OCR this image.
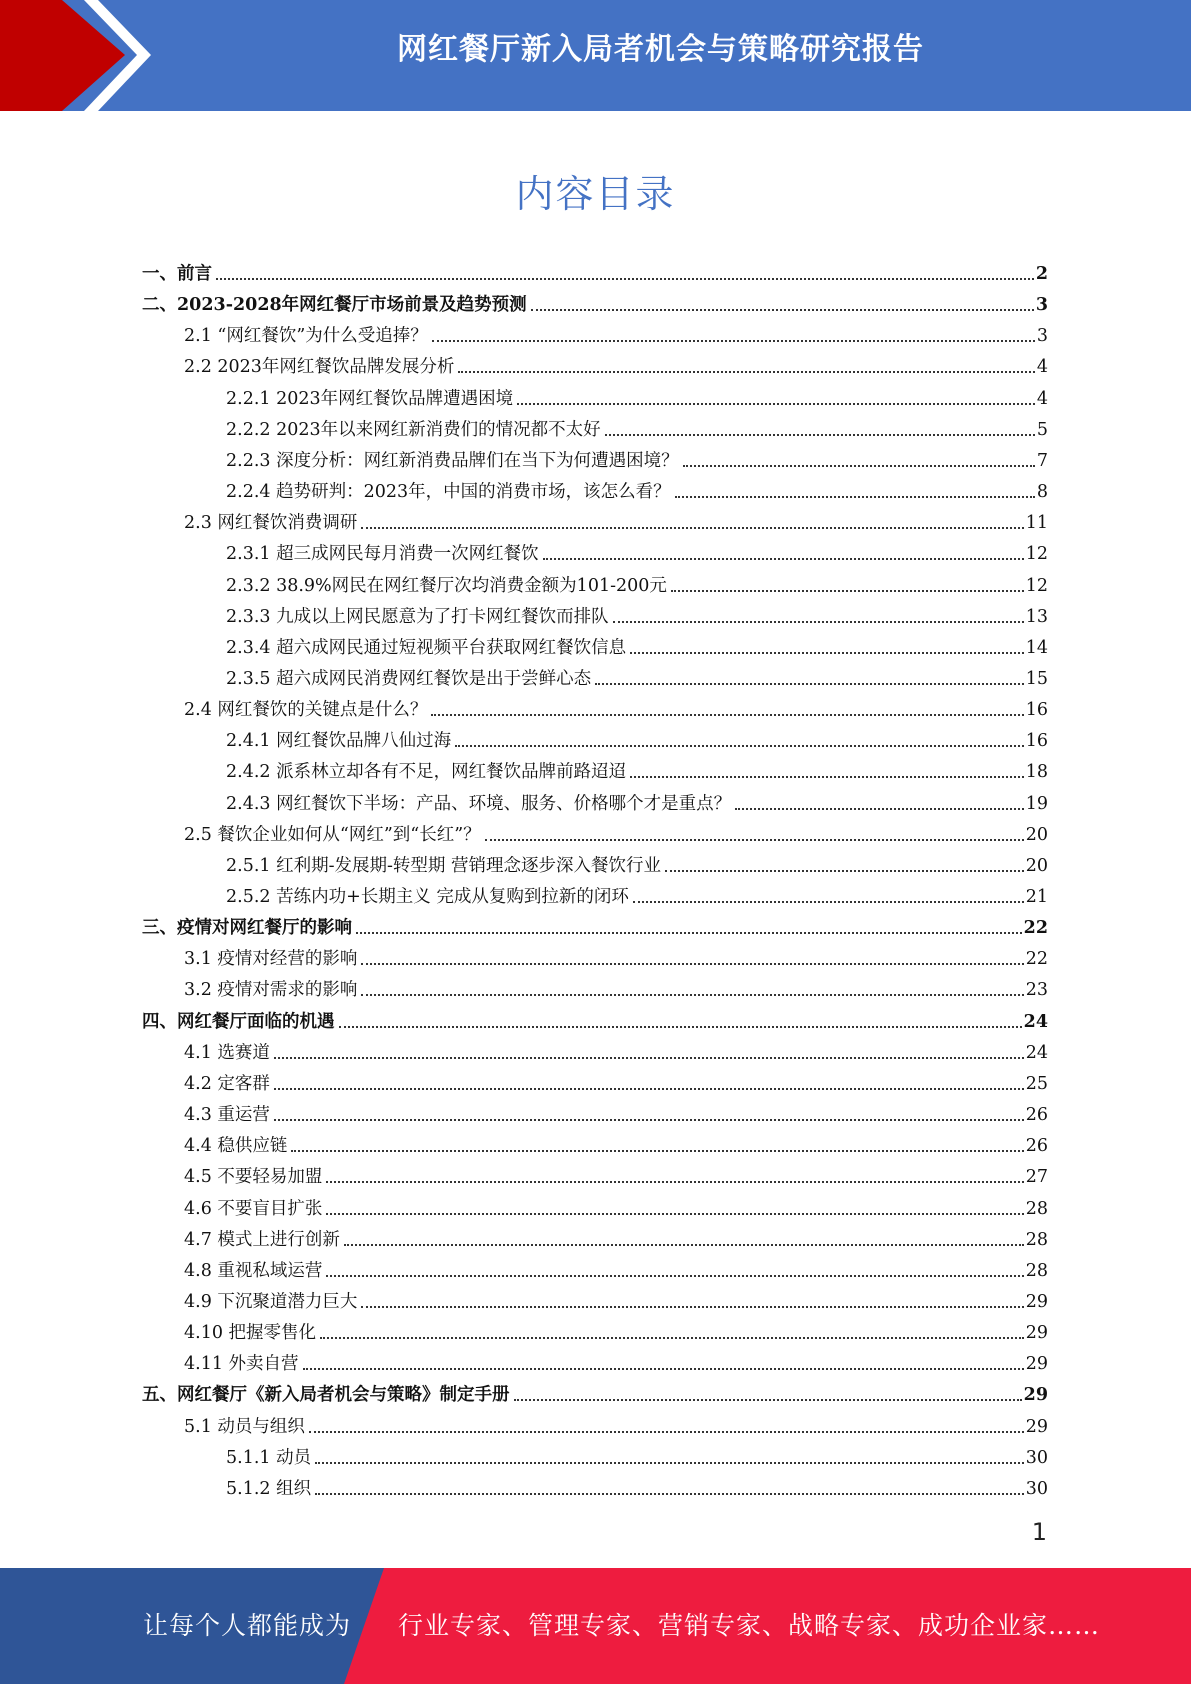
网红餐厅新入局者机会与策略研究报告
内容目录
一、前言	2
二、2023-2028年网红餐厅市场前景及趋势预测	3
2.1 “网红餐饮”为什么受追捧？	3
2.2 2023年网红餐饮品牌发展分析	4
2.2.1 2023年网红餐饮品牌遭遇困境	4
2.2.2 2023年以来网红新消费们的情况都不太好	5
2.2.3 深度分析：网红新消费品牌们在当下为何遭遇困境？	7
2.2.4 趋势研判：2023年，中国的消费市场，该怎么看？	8
2.3 网红餐饮消费调研	11
2.3.1 超三成网民每月消费一次网红餐饮	12
2.3.2 38.9%网民在网红餐厅次均消费金额为101-200元	12
2.3.3 九成以上网民愿意为了打卡网红餐饮而排队	13
2.3.4 超六成网民通过短视频平台获取网红餐饮信息	14
2.3.5 超六成网民消费网红餐饮是出于尝鲜心态	15
2.4 网红餐饮的关键点是什么？	16
2.4.1 网红餐饮品牌八仙过海	16
2.4.2 派系林立却各有不足，网红餐饮品牌前路迢迢	18
2.4.3 网红餐饮下半场：产品、环境、服务、价格哪个才是重点？	19
2.5 餐饮企业如何从“网红”到“长红”？	20
2.5.1 红利期-发展期-转型期 营销理念逐步深入餐饮行业	20
2.5.2 苦练内功+长期主义 完成从复购到拉新的闭环	21
三、疫情对网红餐厅的影响	22
3.1 疫情对经营的影响	22
3.2 疫情对需求的影响	23
四、网红餐厅面临的机遇	24
4.1 选赛道	24
4.2 定客群	25
4.3 重运营	26
4.4 稳供应链	26
4.5 不要轻易加盟	27
4.6 不要盲目扩张	28
4.7 模式上进行创新	28
4.8 重视私域运营	28
4.9 下沉聚道潜力巨大	29
4.10 把握零售化	29
4.11 外卖自营	29
五、网红餐厅《新入局者机会与策略》制定手册	29
5.1 动员与组织	29
5.1.1 动员	30
5.1.2 组织	30
1
让每个人都能成为 行业专家、管理专家、营销专家、战略专家、成功企业家……
